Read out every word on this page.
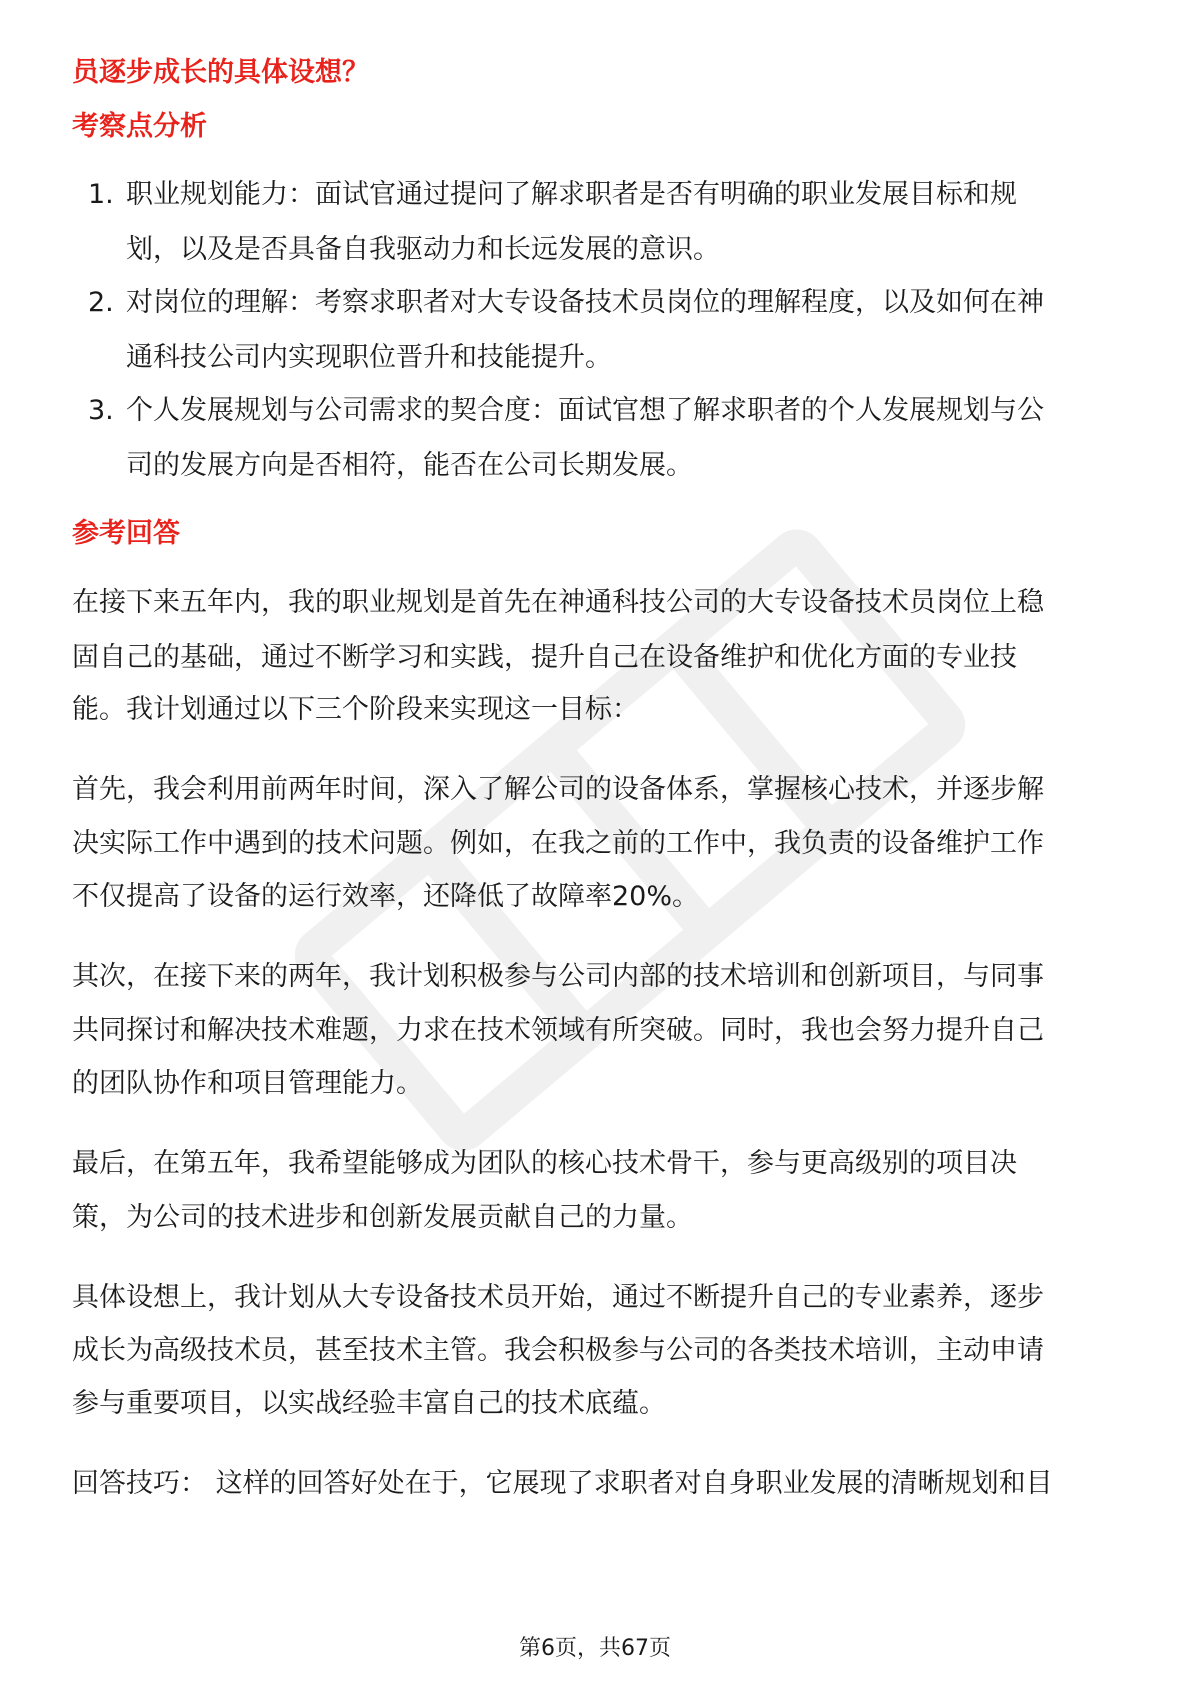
员逐步成长的具体设想？
考察点分析
1. 职业规划能力：面试官通过提问了解求职者是否有明确的职业发展目标和规
划，以及是否具备自我驱动力和长远发展的意识。
2. 对岗位的理解：考察求职者对大专设备技术员岗位的理解程度，以及如何在神
通科技公司内实现职位晋升和技能提升。
3. 个人发展规划与公司需求的契合度：面试官想了解求职者的个人发展规划与公
司的发展方向是否相符，能否在公司长期发展。
参考回答
在接下来五年内，我的职业规划是首先在神通科技公司的大专设备技术员岗位上稳
固自己的基础，通过不断学习和实践，提升自己在设备维护和优化方面的专业技
能。我计划通过以下三个阶段来实现这一目标：
首先，我会利用前两年时间，深入了解公司的设备体系，掌握核心技术，并逐步解
决实际工作中遇到的技术问题。例如，在我之前的工作中，我负责的设备维护工作
不仅提高了设备的运行效率，还降低了故障率20%。
其次，在接下来的两年，我计划积极参与公司内部的技术培训和创新项目，与同事
共同探讨和解决技术难题，力求在技术领域有所突破。同时，我也会努力提升自己
的团队协作和项目管理能力。
最后，在第五年，我希望能够成为团队的核心技术骨干，参与更高级别的项目决
策，为公司的技术进步和创新发展贡献自己的力量。
具体设想上，我计划从大专设备技术员开始，通过不断提升自己的专业素养，逐步
成长为高级技术员，甚至技术主管。我会积极参与公司的各类技术培训，主动申请
参与重要项目，以实战经验丰富自己的技术底蕴。
回答技巧： 这样的回答好处在于，它展现了求职者对自身职业发展的清晰规划和目
第6页，共67页
